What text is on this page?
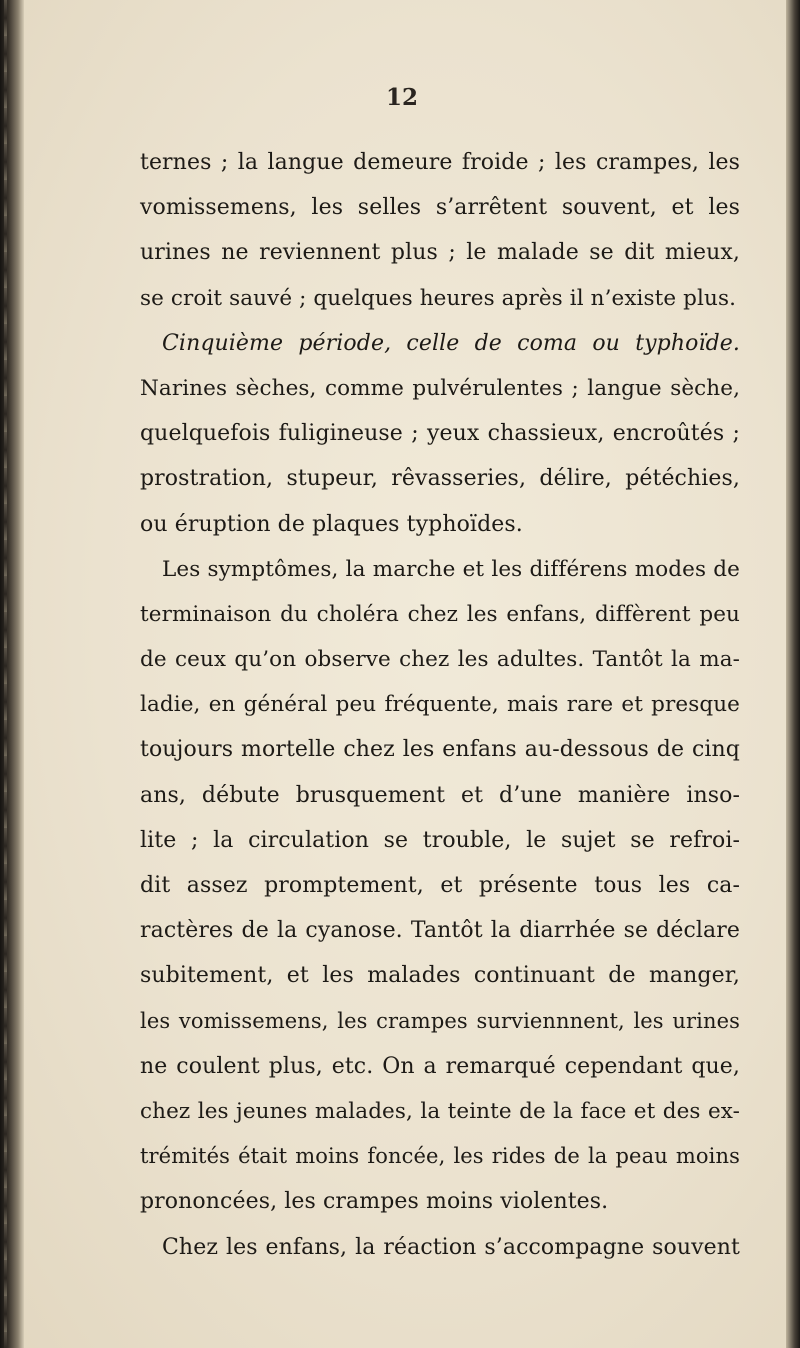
12
ternes ; la langue demeure froide ; les crampes, les
vomissemens, les selles s’arrêtent souvent, et les
urines ne reviennent plus ; le malade se dit mieux,
se croit sauvé ; quelques heures après il n’existe plus.
Cinquième période, celle de coma ou typhoïde.
Narines sèches, comme pulvérulentes ; langue sèche,
quelquefois fuligineuse ; yeux chassieux, encroûtés ;
prostration, stupeur, rêvasseries, délire, pétéchies,
ou éruption de plaques typhoïdes.
Les symptômes, la marche et les différens modes de
terminaison du choléra chez les enfans, diffèrent peu
de ceux qu’on observe chez les adultes. Tantôt la ma-
ladie, en général peu fréquente, mais rare et presque
toujours mortelle chez les enfans au-dessous de cinq
ans, débute brusquement et d’une manière inso-
lite ; la circulation se trouble, le sujet se refroi-
dit assez promptement, et présente tous les ca-
ractères de la cyanose. Tantôt la diarrhée se déclare
subitement, et les malades continuant de manger,
les vomissemens, les crampes surviennnent, les urines
ne coulent plus, etc. On a remarqué cependant que,
chez les jeunes malades, la teinte de la face et des ex-
trémités était moins foncée, les rides de la peau moins
prononcées, les crampes moins violentes.
Chez les enfans, la réaction s’accompagne souvent
